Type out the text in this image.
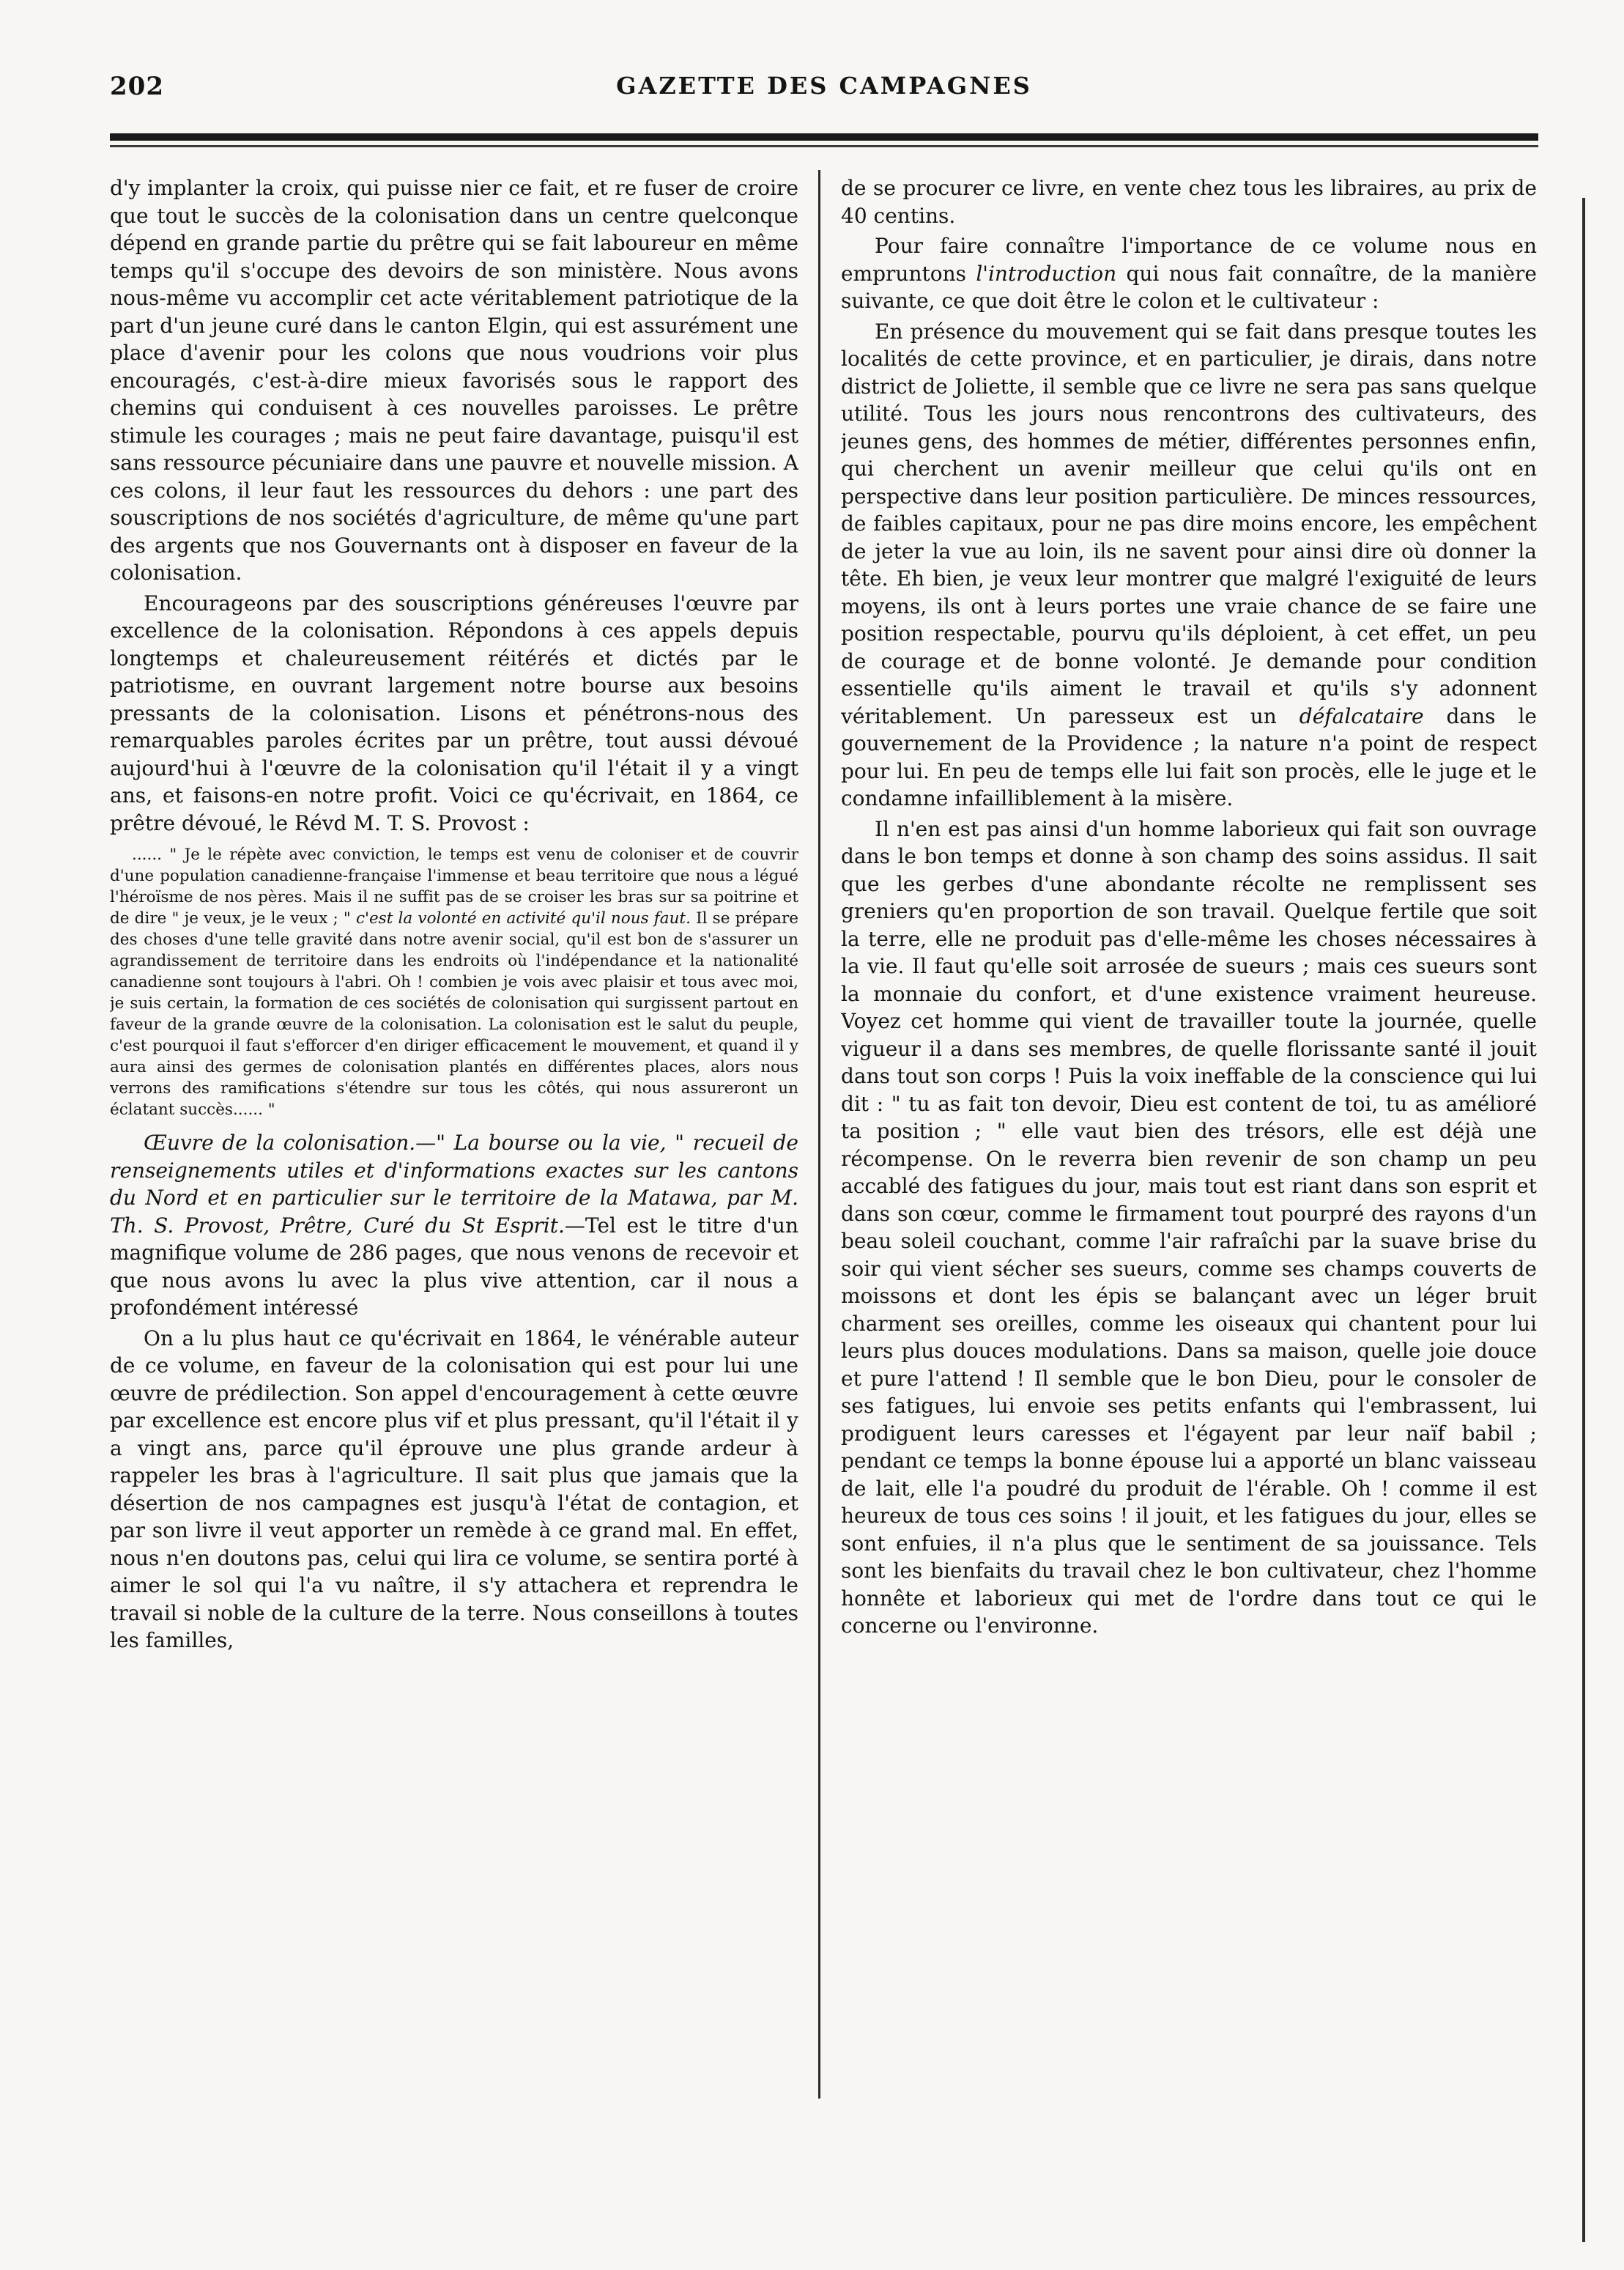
202	GAZETTE DES CAMPAGNES

d'y implanter la croix, qui puisse nier ce fait, et re fuser de croire que tout le succès de la colonisation dans un centre quelconque dépend en grande partie du prêtre qui se fait laboureur en même temps qu'il s'occupe des devoirs de son ministère. Nous avons nous-même vu accomplir cet acte véritablement patriotique de la part d'un jeune curé dans le canton Elgin, qui est assurément une place d'avenir pour les colons que nous voudrions voir plus encouragés, c'est-à-dire mieux favorisés sous le rapport des chemins qui conduisent à ces nouvelles paroisses. Le prêtre stimule les courages ; mais ne peut faire davantage, puisqu'il est sans ressource pécuniaire dans une pauvre et nouvelle mission. A ces colons, il leur faut les ressources du dehors : une part des souscriptions de nos sociétés d'agriculture, de même qu'une part des argents que nos Gouvernants ont à disposer en faveur de la colonisation.

Encourageons par des souscriptions généreuses l'œuvre par excellence de la colonisation. Répondons à ces appels depuis longtemps et chaleureusement réitérés et dictés par le patriotisme, en ouvrant largement notre bourse aux besoins pressants de la colonisation. Lisons et pénétrons-nous des remarquables paroles écrites par un prêtre, tout aussi dévoué aujourd'hui à l'œuvre de la colonisation qu'il l'était il y a vingt ans, et faisons-en notre profit. Voici ce qu'écrivait, en 1864, ce prêtre dévoué, le Révd M. T. S. Provost :

...... " Je le répète avec conviction, le temps est venu de coloniser et de couvrir d'une population canadienne-française l'immense et beau territoire que nous a légué l'héroïsme de nos pères. Mais il ne suffit pas de se croiser les bras sur sa poitrine et de dire " je veux, je le veux ; " c'est la volonté en activité qu'il nous faut. Il se prépare des choses d'une telle gravité dans notre avenir social, qu'il est bon de s'assurer un agrandissement de territoire dans les endroits où l'indépendance et la nationalité canadienne sont toujours à l'abri. Oh ! combien je vois avec plaisir et tous avec moi, je suis certain, la formation de ces sociétés de colonisation qui surgissent partout en faveur de la grande œuvre de la colonisation. La colonisation est le salut du peuple, c'est pourquoi il faut s'efforcer d'en diriger efficacement le mouvement, et quand il y aura ainsi des germes de colonisation plantés en différentes places, alors nous verrons des ramifications s'étendre sur tous les côtés, qui nous assureront un éclatant succès...... "

Œuvre de la colonisation.—" La bourse ou la vie, " recueil de renseignements utiles et d'informations exactes sur les cantons du Nord et en particulier sur le territoire de la Matawa, par M. Th. S. Provost, Prêtre, Curé du St Esprit.—Tel est le titre d'un magnifique volume de 286 pages, que nous venons de recevoir et que nous avons lu avec la plus vive attention, car il nous a profondément intéressé

On a lu plus haut ce qu'écrivait en 1864, le vénérable auteur de ce volume, en faveur de la colonisation qui est pour lui une œuvre de prédilection. Son appel d'encouragement à cette œuvre par excellence est encore plus vif et plus pressant, qu'il l'était il y a vingt ans, parce qu'il éprouve une plus grande ardeur à rappeler les bras à l'agriculture. Il sait plus que jamais que la désertion de nos campagnes est jusqu'à l'état de contagion, et par son livre il veut apporter un remède à ce grand mal. En effet, nous n'en doutons pas, celui qui lira ce volume, se sentira porté à aimer le sol qui l'a vu naître, il s'y attachera et reprendra le travail si noble de la culture de la terre. Nous conseillons à toutes les familles,

de se procurer ce livre, en vente chez tous les libraires, au prix de 40 centins.

Pour faire connaître l'importance de ce volume nous en empruntons l'introduction qui nous fait connaître, de la manière suivante, ce que doit être le colon et le cultivateur :

En présence du mouvement qui se fait dans presque toutes les localités de cette province, et en particulier, je dirais, dans notre district de Joliette, il semble que ce livre ne sera pas sans quelque utilité. Tous les jours nous rencontrons des cultivateurs, des jeunes gens, des hommes de métier, différentes personnes enfin, qui cherchent un avenir meilleur que celui qu'ils ont en perspective dans leur position particulière. De minces ressources, de faibles capitaux, pour ne pas dire moins encore, les empêchent de jeter la vue au loin, ils ne savent pour ainsi dire où donner la tête. Eh bien, je veux leur montrer que malgré l'exiguité de leurs moyens, ils ont à leurs portes une vraie chance de se faire une position respectable, pourvu qu'ils déploient, à cet effet, un peu de courage et de bonne volonté. Je demande pour condition essentielle qu'ils aiment le travail et qu'ils s'y adonnent véritablement. Un paresseux est un défalcataire dans le gouvernement de la Providence ; la nature n'a point de respect pour lui. En peu de temps elle lui fait son procès, elle le juge et le condamne infailliblement à la misère.

Il n'en est pas ainsi d'un homme laborieux qui fait son ouvrage dans le bon temps et donne à son champ des soins assidus. Il sait que les gerbes d'une abondante récolte ne remplissent ses greniers qu'en proportion de son travail. Quelque fertile que soit la terre, elle ne produit pas d'elle-même les choses nécessaires à la vie. Il faut qu'elle soit arrosée de sueurs ; mais ces sueurs sont la monnaie du confort, et d'une existence vraiment heureuse. Voyez cet homme qui vient de travailler toute la journée, quelle vigueur il a dans ses membres, de quelle florissante santé il jouit dans tout son corps ! Puis la voix ineffable de la conscience qui lui dit : " tu as fait ton devoir, Dieu est content de toi, tu as amélioré ta position ; " elle vaut bien des trésors, elle est déjà une récompense. On le reverra bien revenir de son champ un peu accablé des fatigues du jour, mais tout est riant dans son esprit et dans son cœur, comme le firmament tout pourpré des rayons d'un beau soleil couchant, comme l'air rafraîchi par la suave brise du soir qui vient sécher ses sueurs, comme ses champs couverts de moissons et dont les épis se balançant avec un léger bruit charment ses oreilles, comme les oiseaux qui chantent pour lui leurs plus douces modulations. Dans sa maison, quelle joie douce et pure l'attend ! Il semble que le bon Dieu, pour le consoler de ses fatigues, lui envoie ses petits enfants qui l'embrassent, lui prodiguent leurs caresses et l'égayent par leur naïf babil ; pendant ce temps la bonne épouse lui a apporté un blanc vaisseau de lait, elle l'a poudré du produit de l'érable. Oh ! comme il est heureux de tous ces soins ! il jouit, et les fatigues du jour, elles se sont enfuies, il n'a plus que le sentiment de sa jouissance. Tels sont les bienfaits du travail chez le bon cultivateur, chez l'homme honnête et laborieux qui met de l'ordre dans tout ce qui le concerne ou l'environne.
